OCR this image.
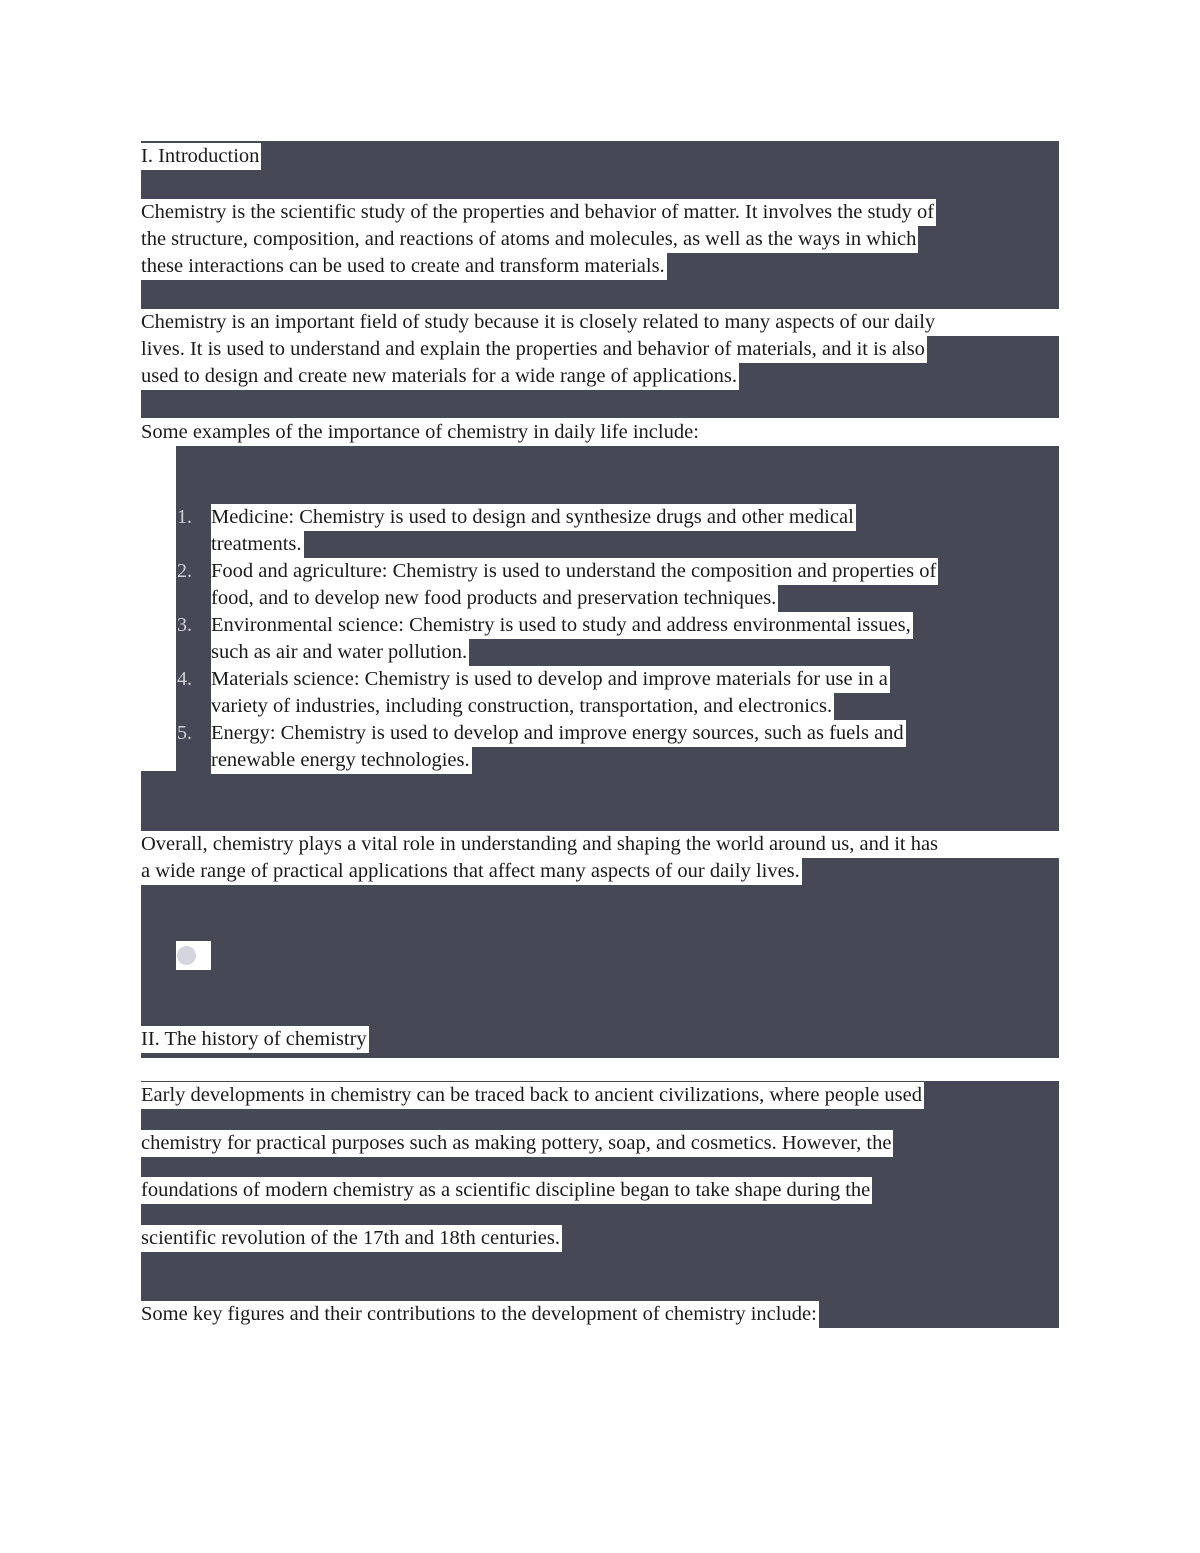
I. Introduction
Chemistry is the scientific study of the properties and behavior of matter. It involves the study of
the structure, composition, and reactions of atoms and molecules, as well as the ways in which
these interactions can be used to create and transform materials.
Chemistry is an important field of study because it is closely related to many aspects of our daily
lives. It is used to understand and explain the properties and behavior of materials, and it is also
used to design and create new materials for a wide range of applications.
Some examples of the importance of chemistry in daily life include:
1. Medicine: Chemistry is used to design and synthesize drugs and other medical
treatments.
2. Food and agriculture: Chemistry is used to understand the composition and properties of
food, and to develop new food products and preservation techniques.
3. Environmental science: Chemistry is used to study and address environmental issues,
such as air and water pollution.
4. Materials science: Chemistry is used to develop and improve materials for use in a
variety of industries, including construction, transportation, and electronics.
5. Energy: Chemistry is used to develop and improve energy sources, such as fuels and
renewable energy technologies.
Overall, chemistry plays a vital role in understanding and shaping the world around us, and it has
a wide range of practical applications that affect many aspects of our daily lives.
II. The history of chemistry
Early developments in chemistry can be traced back to ancient civilizations, where people used
chemistry for practical purposes such as making pottery, soap, and cosmetics. However, the
foundations of modern chemistry as a scientific discipline began to take shape during the
scientific revolution of the 17th and 18th centuries.
Some key figures and their contributions to the development of chemistry include:
